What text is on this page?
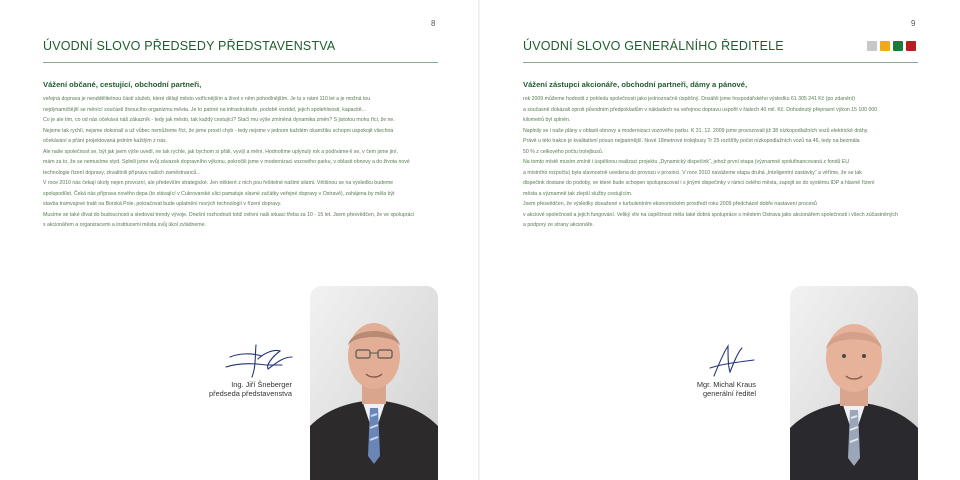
8
ÚVODNÍ SLOVO PŘEDSEDY PŘEDSTAVENSTVA
Vážení občané, cestující, obchodní partneři,

veřejná doprava je neodděliteInou částí služeb, které dělají město vstřícnějším a život v něm pohodlnějším. Je tu s námi 110 let a je možná tou

nejdynamičtější se měnící součástí živoucího organizmu města. Je to patrné na infrastruktuře, podobě vozidel, jejich spolehlivosti, kapacitě...

Co je ale tím, co od nás očekává náš zákazník - tedy jak město, tak každý cestující? Stačí mu výše zmíněná dynamika změn? S jistotou mohu říci, že ne.

Nejsme tak rychlí, nejsme dokonalí a už vůbec nemůžeme říct, že jsme prostí chyb - tedy nejsme v jednom každém okamžiku schopni uspokojit všechna

očekávání a přání projektovaná jedním každým z nás.

Ale naše společnost se, být jak jsem výše uvedl, ne tak rychle, jak bychom si přáli, vyvíjí a mění. Hodnotíme uplynulý rok a podíváme-li se, v čem jsme jiní,

mám za to, že se nemusíme styd. Splnili jsme svůj závazek dopravního výkonu, pokročili jsme v modernizaci vozového parku, v oblasti obnovy a do života nové

technologie řízení dopravy, zkvalitnili přípravu našich zaměstnanců...

V roce 2010 nás čekají úkoly nejen provozní, ale především strategické. Jen některé z nich pou řešitelné našimi silami. Většinou se na výsledku budeme

spolupodílet. Čeká nás příprava nového depa (to stávající v Cukrovarské ulici pamatuje slavné začátky veřejné dopravy v Ostravě), zahájena by měla být

stavba tramvajové tratě na Borská Pole, pokračovat bude uplatnění nových technologií v řízení dopravy.

Musíme se také dívat do budoucnosti a sledovat trendy vývoje. Dnešní rozhodnutí totiž ovlivní naši situaci třeba za 10 - 15 let. Jsem přesvědčen, že ve spolupráci

s akcionářem a organizacemi a institucemi města svůj úkol zvládneme.

Ing. Jiří Šneberger
předseda představenstva
9
ÚVODNÍ SLOVO GENERÁLNÍHO ŘEDITELE
Vážení zástupci akcionáře, obchodní partneři, dámy a pánové,

rok 2009 můžeme hodnotit z pohledu společnosti jako jednoznačně úspěšný. Dosáhli jsme hospodářského výsledku 61 305 241 Kč (po zdanění)

a současně dokázali oproti původním předpokladům v nákladech na veřejnou dopravu uspořit v řádech 40 mil. Kč. Dohodnutý přepravní výkon 15 100 000

kilometrů byl splněn.

Naplnily se i naše plány v oblasti obnovy a modernizaci vozového parku. K 31. 12. 2009 jsme provozovali již 38 nízkopodlažních vozů elektrické dráhy.

Právě u této trakce je kvalitativní posun nejpatrnější. Nové 18metrové trolejbusy Tr 25 rozšířily počet nízkopodlažních vozů na 46, tedy na bezmála

50 % z celkového počtu trolejbusů.

Na tomto místě musím zmínit i úspěšnou realizaci projektu „Dynamický dispečink“, jehož první etapa (významně spolufinancovaná z fondů EU

a místního rozpočtu) byla slavnostně uvedena do provozu v prosinci. V roce 2010 navážeme etapa druhá „Inteligentní zastávky“ a věříme, že se tak

dispečink dostane do podoby, ve které bude schopen spolupracovat i s jinými dispečinky v rámci celého města, zapojit se do systému IDP a hlavně řízení

města a významně tak zlepší služby cestujícím.

Jsem přesvědčen, že výsledky dosažené v turbulentním ekonomickém prostředí roku 2009 předcházel dobře nastavení procesů

v akciové společnosti a jejich fungování. Veliký vliv na úspěšnost měla také dobrá spolupráce s městem Ostrava jako akcionářem společnosti i všech zúčastněných

a podpory ze strany akcionáře.

Mgr. Michal Kraus
generální ředitel
